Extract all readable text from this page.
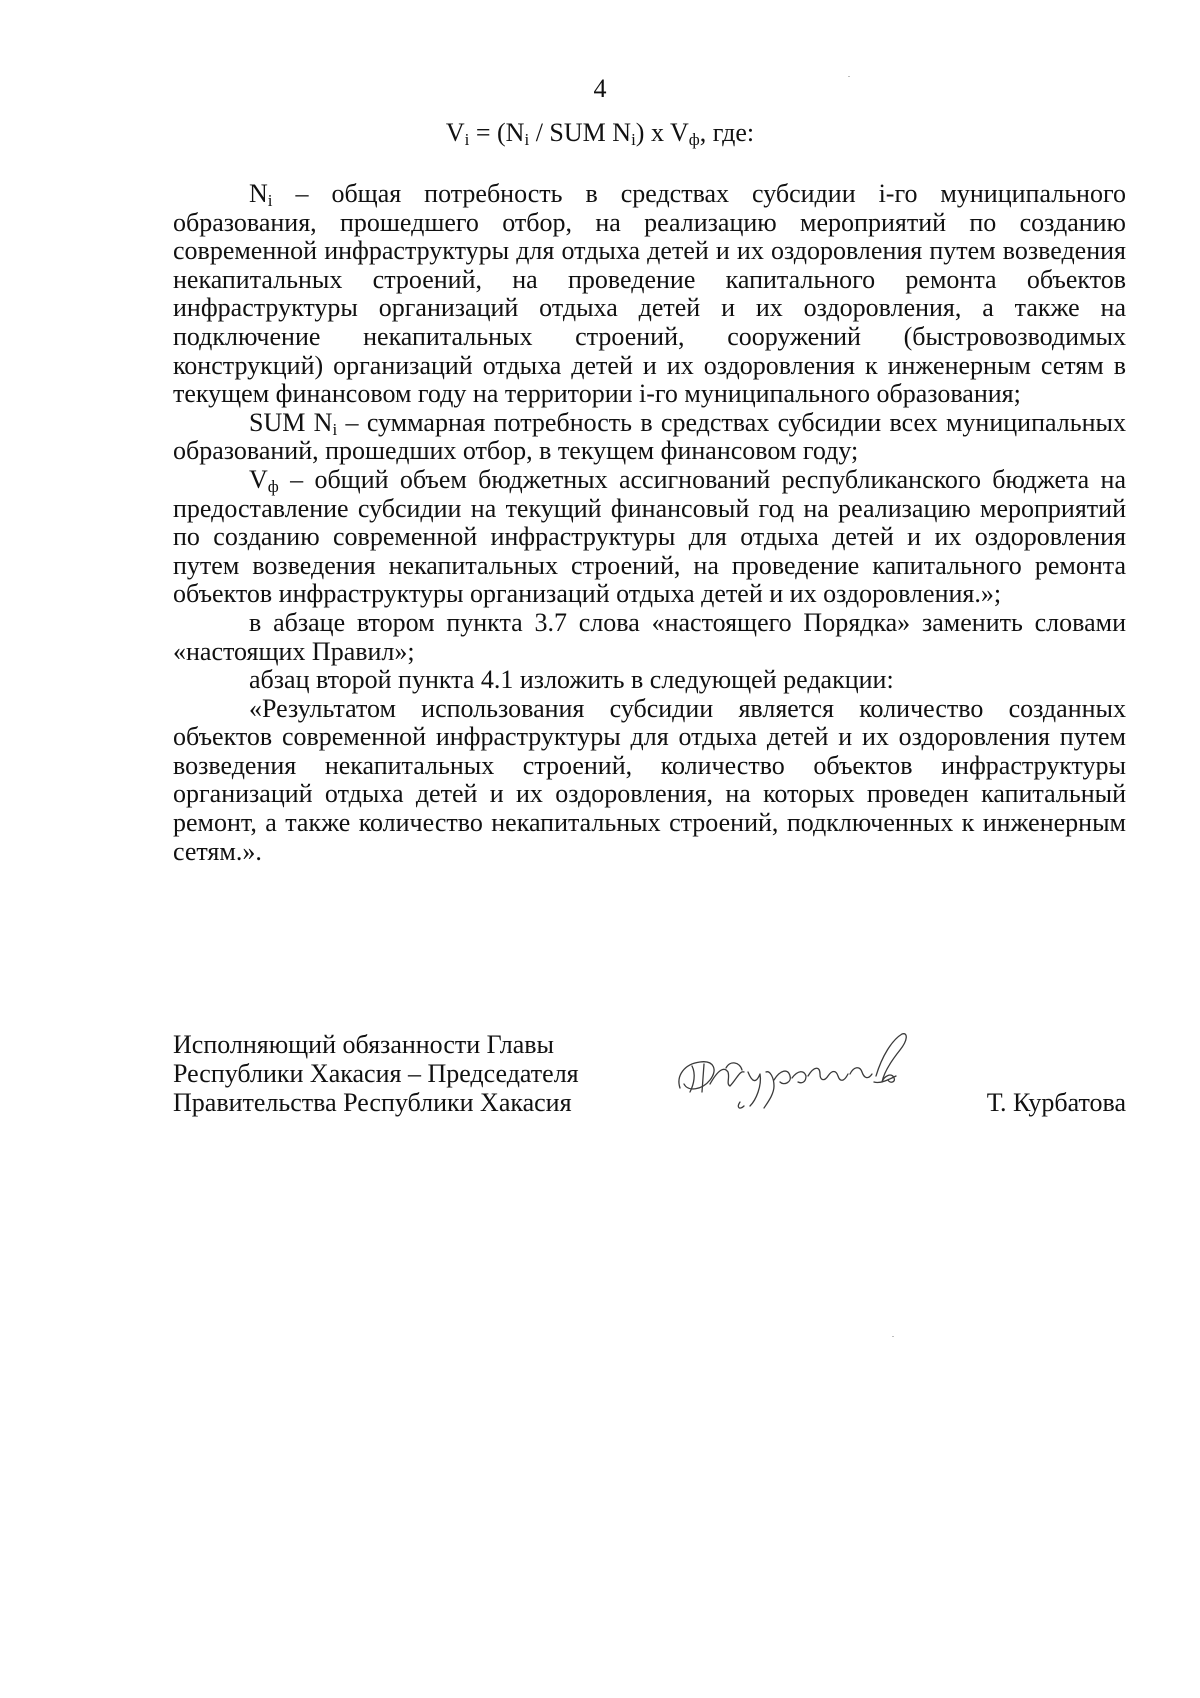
4
$V_i = (N_i$ / SUM $N_i$) x $V_ф$, где:

$N_i$ – общая потребность в средствах субсидии i-го муниципального образования, прошедшего отбор, на реализацию мероприятий по созданию современной инфраструктуры для отдыха детей и их оздоровления путем возведения некапитальных строений, на проведение капитального ремонта объектов инфраструктуры организаций отдыха детей и их оздоровления, а также на подключение некапитальных строений, сооружений (быстровозводимых конструкций) организаций отдыха детей и их оздоровления к инженерным сетям в текущем финансовом году на территории i-го муниципального образования;

SUM $N_i$ – суммарная потребность в средствах субсидии всех муниципальных образований, прошедших отбор, в текущем финансовом году;

$V_ф$ – общий объем бюджетных ассигнований республиканского бюджета на предоставление субсидии на текущий финансовый год на реализацию мероприятий по созданию современной инфраструктуры для отдыха детей и их оздоровления путем возведения некапитальных строений, на проведение капитального ремонта объектов инфраструктуры организаций отдыха детей и их оздоровления.»;

в абзаце втором пункта 3.7 слова «настоящего Порядка» заменить словами «настоящих Правил»;

абзац второй пункта 4.1 изложить в следующей редакции:

«Результатом использования субсидии является количество созданных объектов современной инфраструктуры для отдыха детей и их оздоровления путем возведения некапитальных строений, количество объектов инфраструктуры организаций отдыха детей и их оздоровления, на которых проведен капитальный ремонт, а также количество некапитальных строений, подключенных к инженерным сетям.».

Исполняющий обязанности Главы
Республики Хакасия – Председателя
Правительства Республики Хакасия	Т. Курбатова
